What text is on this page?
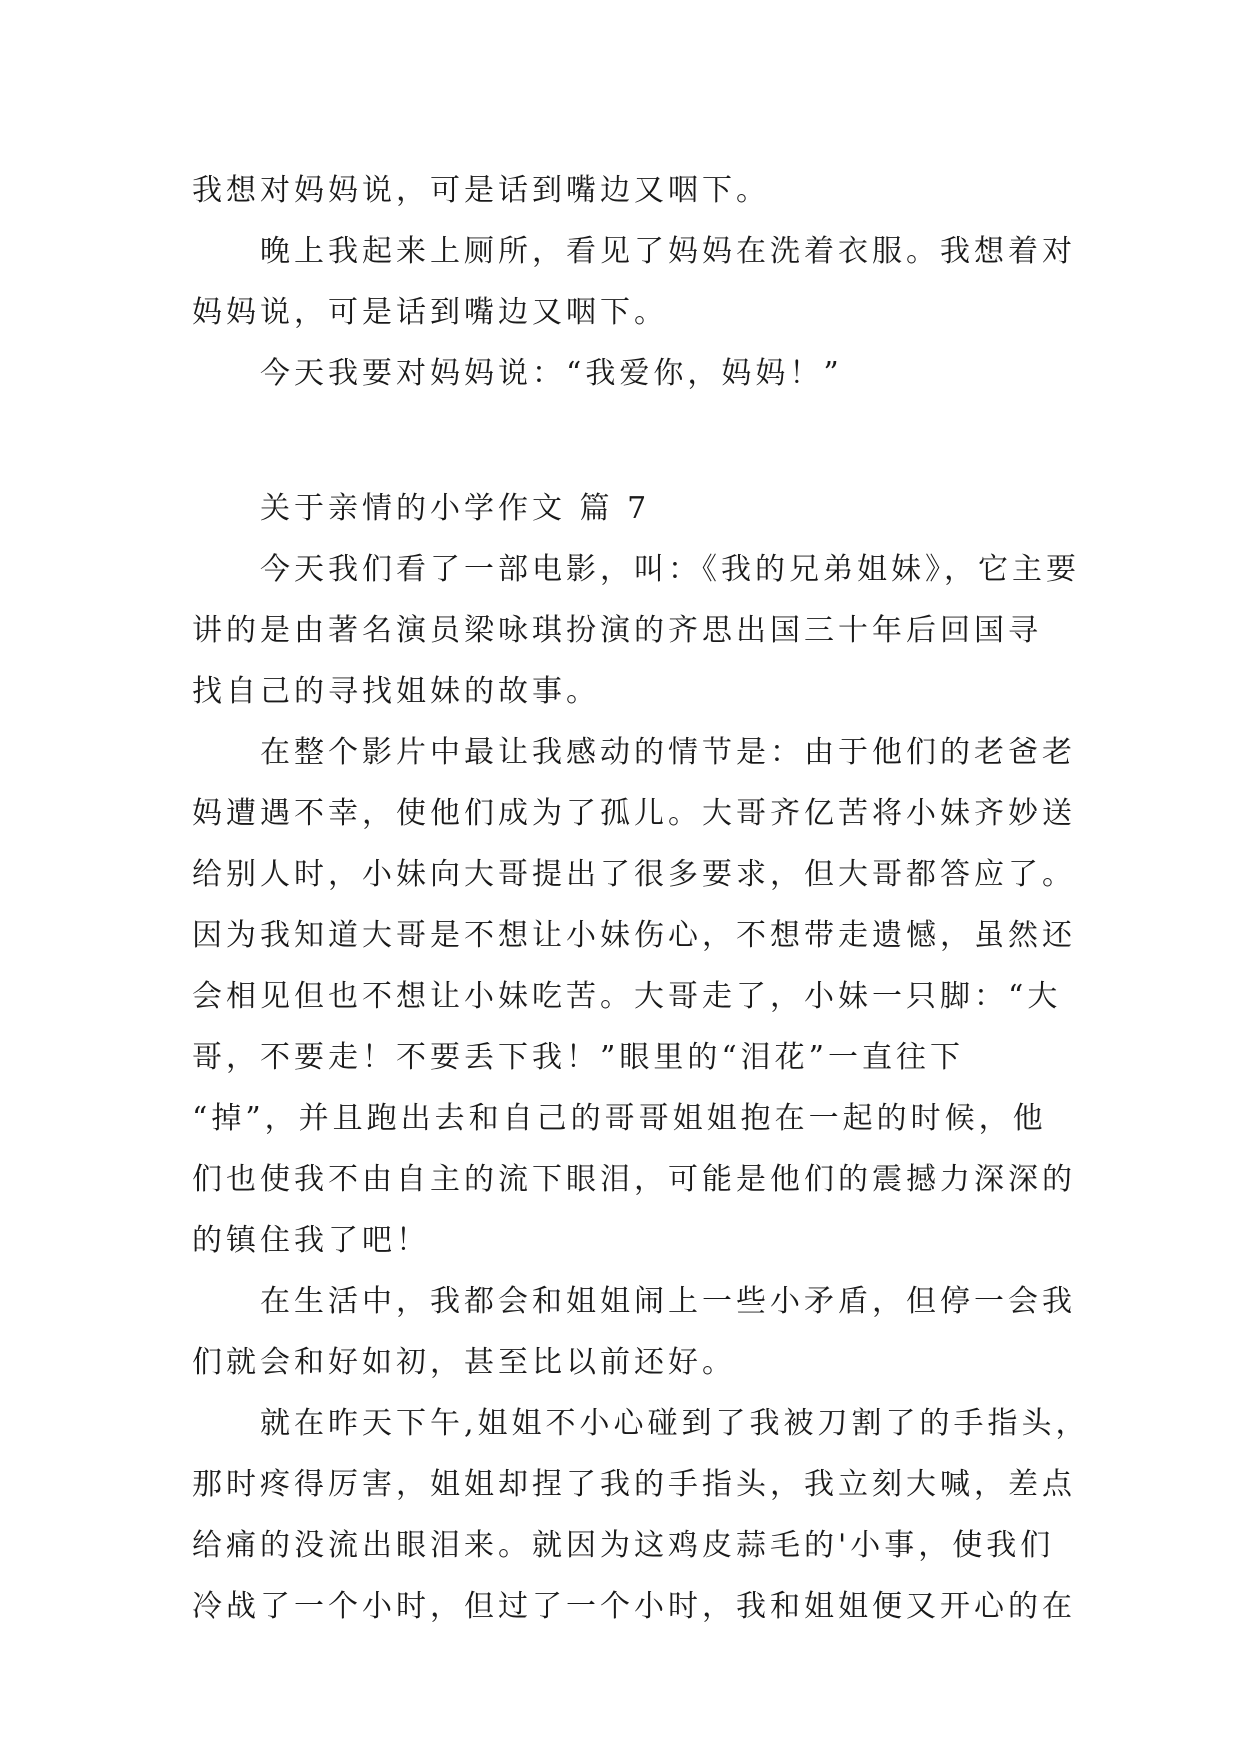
我想对妈妈说，可是话到嘴边又咽下。

晚上我起来上厕所，看见了妈妈在洗着衣服。我想着对
妈妈说，可是话到嘴边又咽下。

今天我要对妈妈说：“我爱你，妈妈！”

关于亲情的小学作文 篇 7

今天我们看了一部电影，叫：《我的兄弟姐妹》，它主要
讲的是由著名演员梁咏琪扮演的齐思出国三十年后回国寻
找自己的寻找姐妹的故事。

在整个影片中最让我感动的情节是：由于他们的老爸老
妈遭遇不幸，使他们成为了孤儿。大哥齐亿苦将小妹齐妙送
给别人时，小妹向大哥提出了很多要求，但大哥都答应了。
因为我知道大哥是不想让小妹伤心，不想带走遗憾，虽然还
会相见但也不想让小妹吃苦。大哥走了，小妹一只脚：“大
哥，不要走！不要丢下我！”眼里的“泪花”一直往下
“掉”，并且跑出去和自己的哥哥姐姐抱在一起的时候，他
们也使我不由自主的流下眼泪，可能是他们的震撼力深深的
的镇住我了吧！

在生活中，我都会和姐姐闹上一些小矛盾，但停一会我
们就会和好如初，甚至比以前还好。

就在昨天下午,姐姐不小心碰到了我被刀割了的手指头，
那时疼得厉害，姐姐却捏了我的手指头，我立刻大喊，差点
给痛的没流出眼泪来。就因为这鸡皮蒜毛的'小事，使我们
冷战了一个小时，但过了一个小时，我和姐姐便又开心的在
